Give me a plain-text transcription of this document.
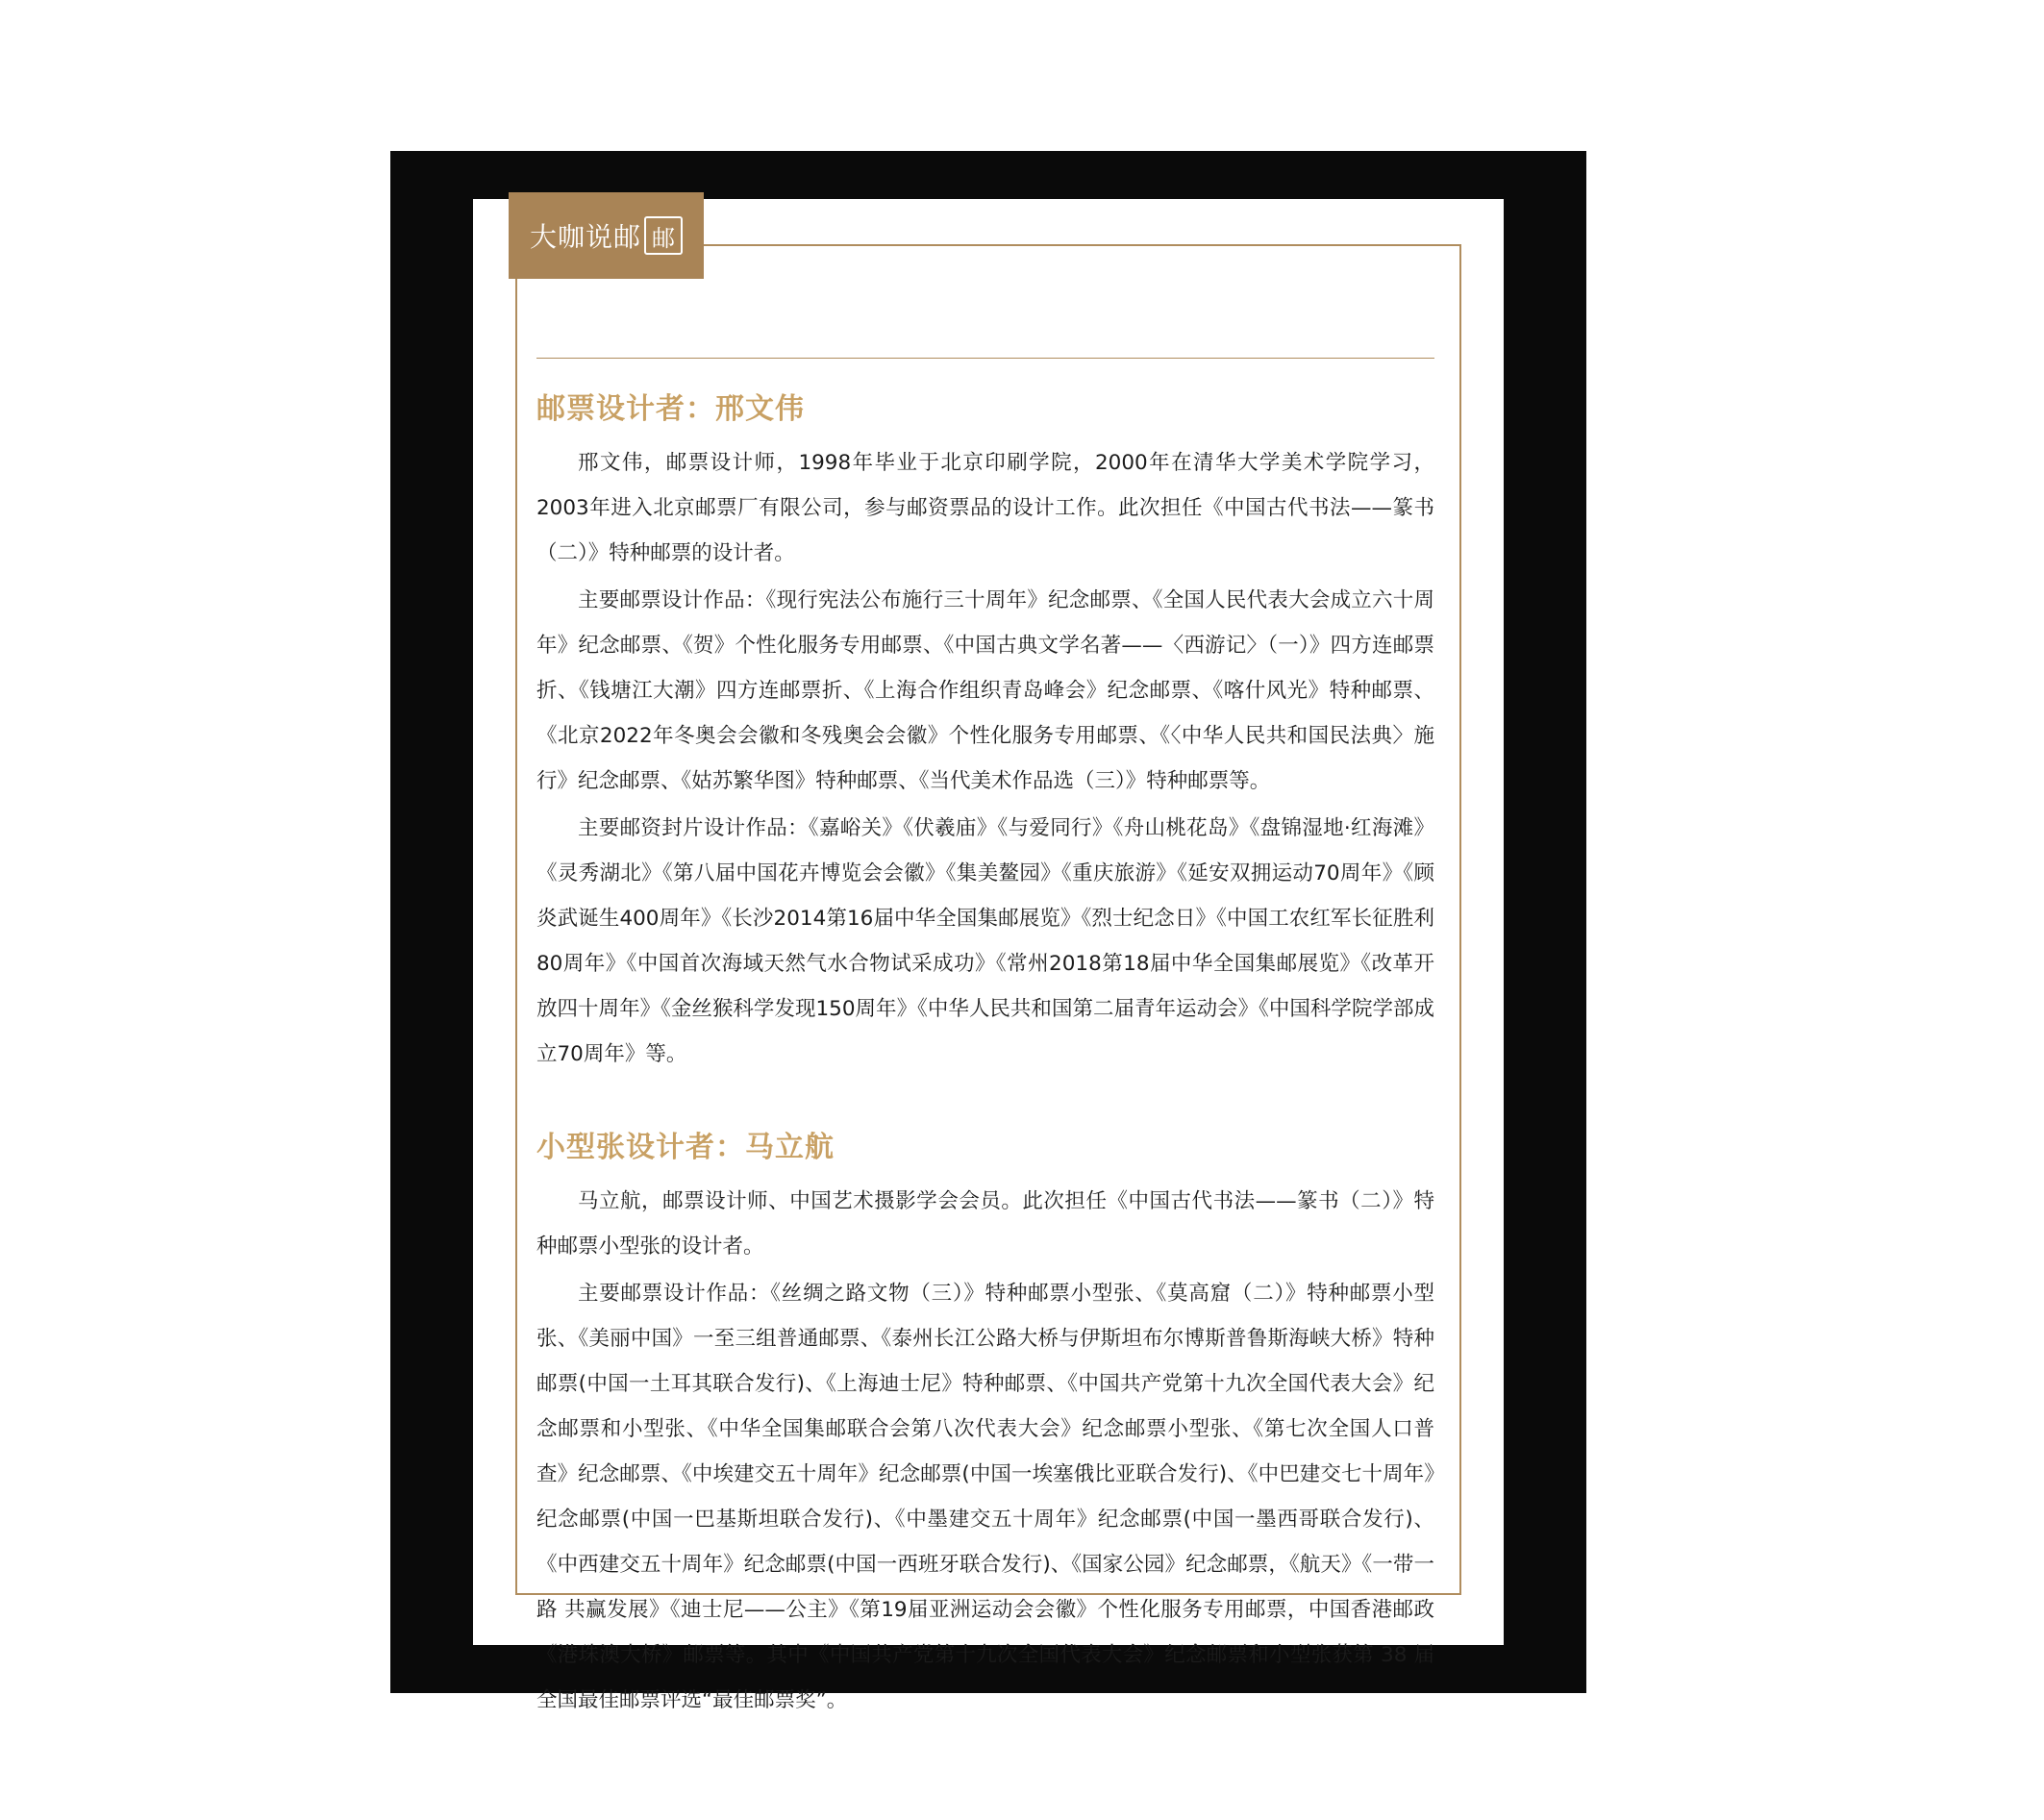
大咖说邮 邮
邮票设计者：邢文伟

邢文伟，邮票设计师，1998年毕业于北京印刷学院，2000年在清华大学美术学院学习，2003年进入北京邮票厂有限公司，参与邮资票品的设计工作。此次担任《中国古代书法——篆书（二）》特种邮票的设计者。

主要邮票设计作品：《现行宪法公布施行三十周年》纪念邮票、《全国人民代表大会成立六十周年》纪念邮票、《贺》个性化服务专用邮票、《中国古典文学名著——〈西游记〉（一）》四方连邮票折、《钱塘江大潮》四方连邮票折、《上海合作组织青岛峰会》纪念邮票、《喀什风光》特种邮票、《北京2022年冬奥会会徽和冬残奥会会徽》个性化服务专用邮票、《〈中华人民共和国民法典〉施行》纪念邮票、《姑苏繁华图》特种邮票、《当代美术作品选（三）》特种邮票等。

主要邮资封片设计作品：《嘉峪关》《伏羲庙》《与爱同行》《舟山桃花岛》《盘锦湿地·红海滩》《灵秀湖北》《第八届中国花卉博览会会徽》《集美鳌园》《重庆旅游》《延安双拥运动70周年》《顾炎武诞生400周年》《长沙2014第16届中华全国集邮展览》《烈士纪念日》《中国工农红军长征胜利80周年》《中国首次海域天然气水合物试采成功》《常州2018第18届中华全国集邮展览》《改革开放四十周年》《金丝猴科学发现150周年》《中华人民共和国第二届青年运动会》《中国科学院学部成立70周年》等。

小型张设计者：马立航

马立航，邮票设计师、中国艺术摄影学会会员。此次担任《中国古代书法——篆书（二）》特种邮票小型张的设计者。

主要邮票设计作品：《丝绸之路文物（三）》特种邮票小型张、《莫高窟（二）》特种邮票小型张、《美丽中国》一至三组普通邮票、《泰州长江公路大桥与伊斯坦布尔博斯普鲁斯海峡大桥》特种邮票(中国一土耳其联合发行)、《上海迪士尼》特种邮票、《中国共产党第十九次全国代表大会》纪念邮票和小型张、《中华全国集邮联合会第八次代表大会》纪念邮票小型张、《第七次全国人口普查》纪念邮票、《中埃建交五十周年》纪念邮票(中国一埃塞俄比亚联合发行)、《中巴建交七十周年》纪念邮票(中国一巴基斯坦联合发行)、《中墨建交五十周年》纪念邮票(中国一墨西哥联合发行)、《中西建交五十周年》纪念邮票(中国一西班牙联合发行)、《国家公园》纪念邮票，《航天》《一带一路 共赢发展》《迪士尼——公主》《第19届亚洲运动会会徽》个性化服务专用邮票，中国香港邮政《港珠澳大桥》邮票等。其中《中国共产党第十九次全国代表大会》纪念邮票和小型张获第 38 届全国最佳邮票评选“最佳邮票奖”。
